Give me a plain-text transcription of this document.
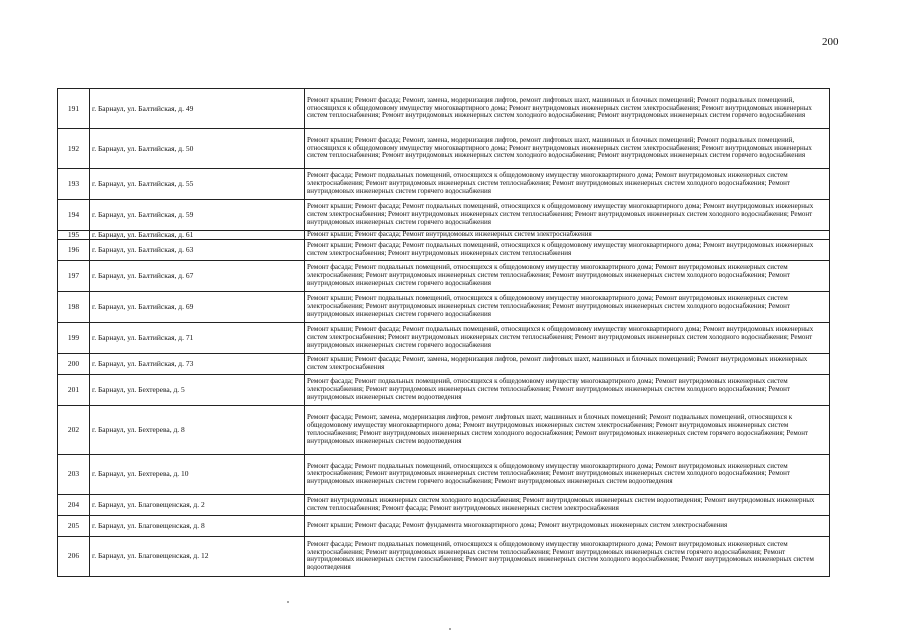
200
191	г. Барнаул, ул. Балтийская, д. 49	Ремонт крыши; Ремонт фасада; Ремонт, замена, модернизация лифтов, ремонт лифтовых шахт, машинных и блочных помещений; Ремонт подвальных помещений, относящихся к общедомовому имуществу многоквартирного дома; Ремонт внутридомовых инженерных систем электроснабжения; Ремонт внутридомовых инженерных систем теплоснабжения; Ремонт внутридомовых инженерных систем холодного водоснабжения; Ремонт внутридомовых инженерных систем горячего водоснабжения
192	г. Барнаул, ул. Балтийская, д. 50	Ремонт крыши; Ремонт фасада; Ремонт, замена, модернизация лифтов, ремонт лифтовых шахт, машинных и блочных помещений; Ремонт подвальных помещений, относящихся к общедомовому имуществу многоквартирного дома; Ремонт внутридомовых инженерных систем электроснабжения; Ремонт внутридомовых инженерных систем теплоснабжения; Ремонт внутридомовых инженерных систем холодного водоснабжения; Ремонт внутридомовых инженерных систем горячего водоснабжения
193	г. Барнаул, ул. Балтийская, д. 55	Ремонт фасада; Ремонт подвальных помещений, относящихся к общедомовому имуществу многоквартирного дома; Ремонт внутридомовых инженерных систем электроснабжения; Ремонт внутридомовых инженерных систем теплоснабжения; Ремонт внутридомовых инженерных систем холодного водоснабжения; Ремонт внутридомовых инженерных систем горячего водоснабжения
194	г. Барнаул, ул. Балтийская, д. 59	Ремонт крыши; Ремонт фасада; Ремонт подвальных помещений, относящихся к общедомовому имуществу многоквартирного дома; Ремонт внутридомовых инженерных систем электроснабжения; Ремонт внутридомовых инженерных систем теплоснабжения; Ремонт внутридомовых инженерных систем холодного водоснабжения; Ремонт внутридомовых инженерных систем горячего водоснабжения
195	г. Барнаул, ул. Балтийская, д. 61	Ремонт крыши; Ремонт фасада; Ремонт внутридомовых инженерных систем электроснабжения
196	г. Барнаул, ул. Балтийская, д. 63	Ремонт крыши; Ремонт фасада; Ремонт подвальных помещений, относящихся к общедомовому имуществу многоквартирного дома; Ремонт внутридомовых инженерных систем электроснабжения; Ремонт внутридомовых инженерных систем теплоснабжения
197	г. Барнаул, ул. Балтийская, д. 67	Ремонт фасада; Ремонт подвальных помещений, относящихся к общедомовому имуществу многоквартирного дома; Ремонт внутридомовых инженерных систем электроснабжения; Ремонт внутридомовых инженерных систем теплоснабжения; Ремонт внутридомовых инженерных систем холодного водоснабжения; Ремонт внутридомовых инженерных систем горячего водоснабжения
198	г. Барнаул, ул. Балтийская, д. 69	Ремонт крыши; Ремонт подвальных помещений, относящихся к общедомовому имуществу многоквартирного дома; Ремонт внутридомовых инженерных систем электроснабжения; Ремонт внутридомовых инженерных систем теплоснабжения; Ремонт внутридомовых инженерных систем холодного водоснабжения; Ремонт внутридомовых инженерных систем горячего водоснабжения
199	г. Барнаул, ул. Балтийская, д. 71	Ремонт крыши; Ремонт фасада; Ремонт подвальных помещений, относящихся к общедомовому имуществу многоквартирного дома; Ремонт внутридомовых инженерных систем электроснабжения; Ремонт внутридомовых инженерных систем теплоснабжения; Ремонт внутридомовых инженерных систем холодного водоснабжения; Ремонт внутридомовых инженерных систем горячего водоснабжения
200	г. Барнаул, ул. Балтийская, д. 73	Ремонт крыши; Ремонт фасада; Ремонт, замена, модернизация лифтов, ремонт лифтовых шахт, машинных и блочных помещений; Ремонт внутридомовых инженерных систем электроснабжения
201	г. Барнаул, ул. Бехтерева, д. 5	Ремонт фасада; Ремонт подвальных помещений, относящихся к общедомовому имуществу многоквартирного дома; Ремонт внутридомовых инженерных систем электроснабжения; Ремонт внутридомовых инженерных систем теплоснабжения; Ремонт внутридомовых инженерных систем холодного водоснабжения; Ремонт внутридомовых инженерных систем водоотведения
202	г. Барнаул, ул. Бехтерева, д. 8	Ремонт фасада; Ремонт, замена, модернизация лифтов, ремонт лифтовых шахт, машинных и блочных помещений; Ремонт подвальных помещений, относящихся к общедомовому имуществу многоквартирного дома; Ремонт внутридомовых инженерных систем электроснабжения; Ремонт внутридомовых инженерных систем теплоснабжения; Ремонт внутридомовых инженерных систем холодного водоснабжения; Ремонт внутридомовых инженерных систем горячего водоснабжения; Ремонт внутридомовых инженерных систем водоотведения
203	г. Барнаул, ул. Бехтерева, д. 10	Ремонт фасада; Ремонт подвальных помещений, относящихся к общедомовому имуществу многоквартирного дома; Ремонт внутридомовых инженерных систем электроснабжения; Ремонт внутридомовых инженерных систем теплоснабжения; Ремонт внутридомовых инженерных систем холодного водоснабжения; Ремонт внутридомовых инженерных систем горячего водоснабжения; Ремонт внутридомовых инженерных систем водоотведения
204	г. Барнаул, ул. Благовещенская, д. 2	Ремонт внутридомовых инженерных систем холодного водоснабжения; Ремонт внутридомовых инженерных систем водоотведения; Ремонт внутридомовых инженерных систем теплоснабжения; Ремонт фасада; Ремонт внутридомовых инженерных систем электроснабжения
205	г. Барнаул, ул. Благовещенская, д. 8	Ремонт крыши; Ремонт фасада; Ремонт фундамента многоквартирного дома; Ремонт внутридомовых инженерных систем электроснабжения
206	г. Барнаул, ул. Благовещенская, д. 12	Ремонт фасада; Ремонт подвальных помещений, относящихся к общедомовому имуществу многоквартирного дома; Ремонт внутридомовых инженерных систем электроснабжения; Ремонт внутридомовых инженерных систем теплоснабжения; Ремонт внутридомовых инженерных систем горячего водоснабжения; Ремонт внутридомовых инженерных систем газоснабжения; Ремонт внутридомовых инженерных систем холодного водоснабжения; Ремонт внутридомовых инженерных систем водоотведения
